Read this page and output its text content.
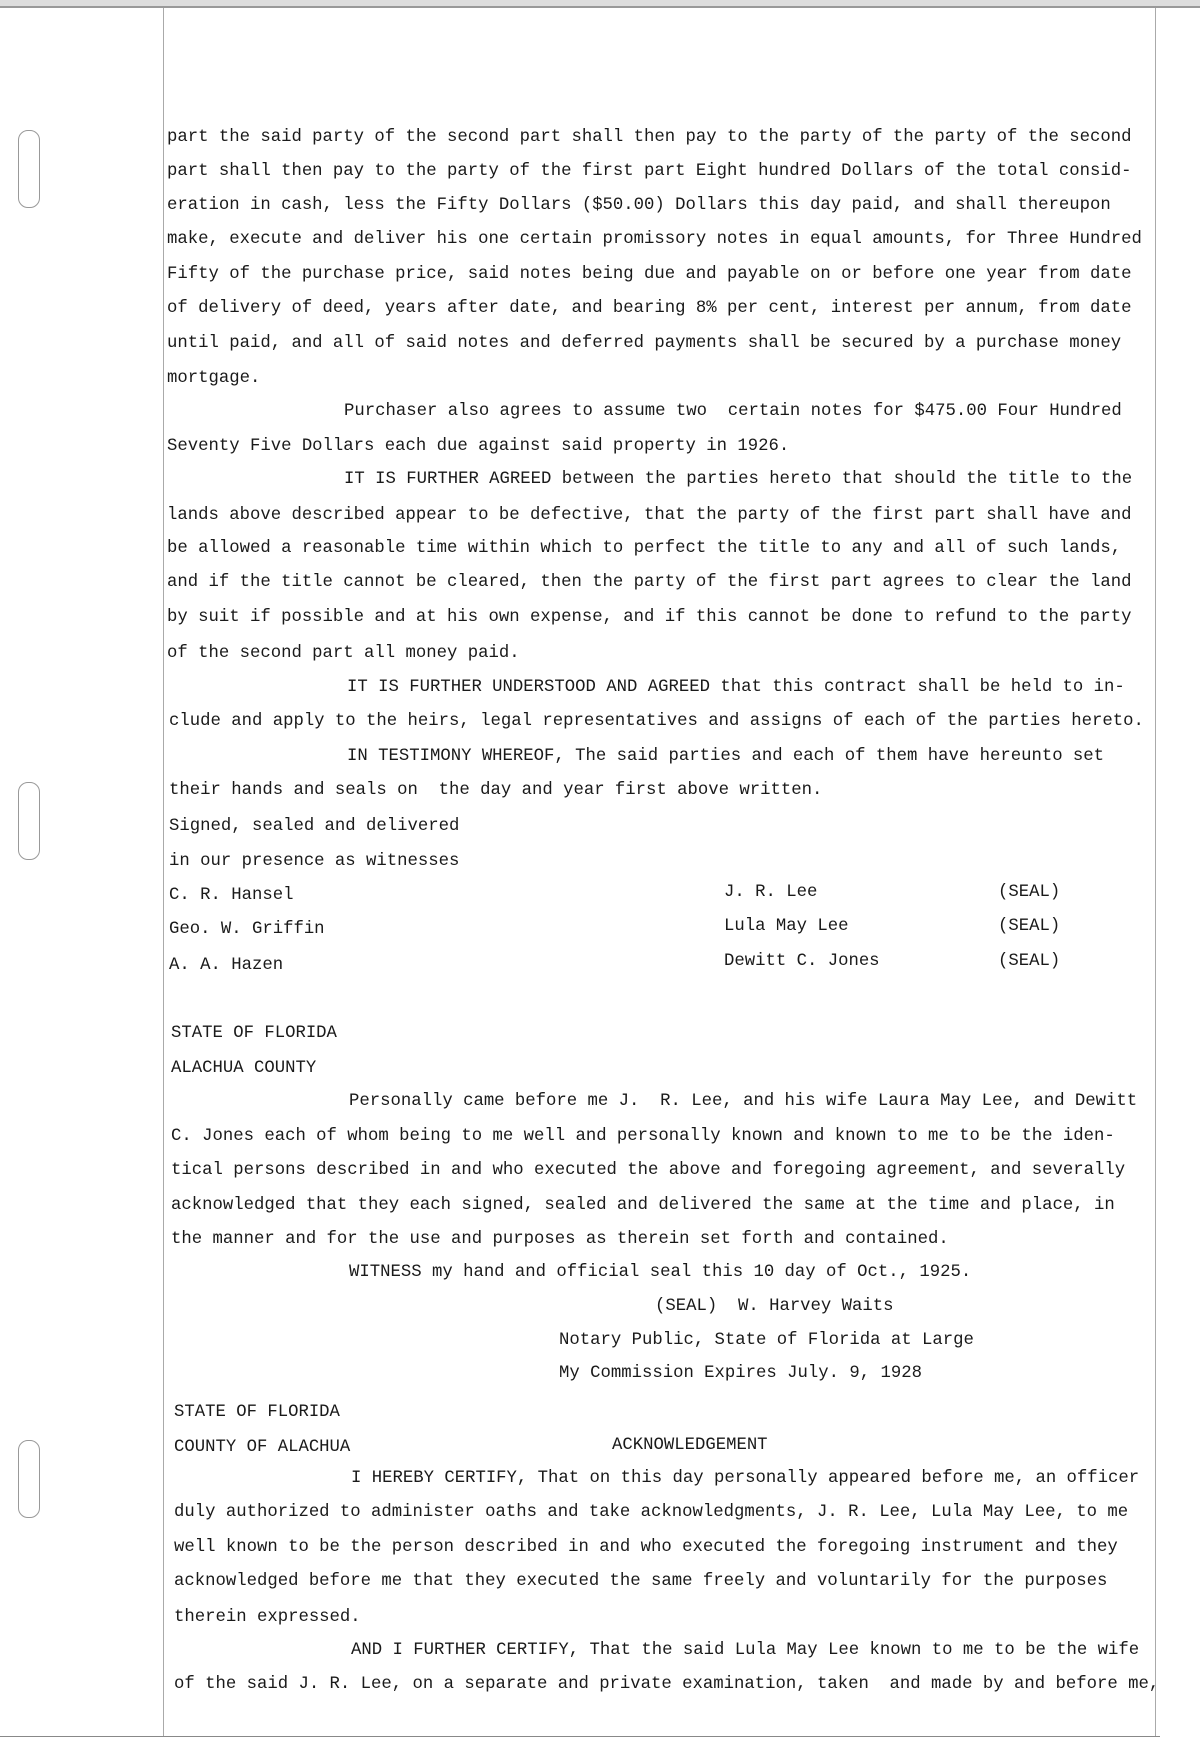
part the said party of the second part shall then pay to the party of the party of the second
part shall then pay to the party of the first part Eight hundred Dollars of the total consid-
eration in cash, less the Fifty Dollars ($50.00) Dollars this day paid, and shall thereupon
make, execute and deliver his one certain promissory notes in equal amounts, for Three Hundred
Fifty of the purchase price, said notes being due and payable on or before one year from date
of delivery of deed, years after date, and bearing 8% per cent, interest per annum, from date
until paid, and all of said notes and deferred payments shall be secured by a purchase money
mortgage.
Purchaser also agrees to assume two  certain notes for $475.00 Four Hundred
Seventy Five Dollars each due against said property in 1926.
IT IS FURTHER AGREED between the parties hereto that should the title to the
lands above described appear to be defective, that the party of the first part shall have and
be allowed a reasonable time within which to perfect the title to any and all of such lands,
and if the title cannot be cleared, then the party of the first part agrees to clear the land
by suit if possible and at his own expense, and if this cannot be done to refund to the party
of the second part all money paid.
IT IS FURTHER UNDERSTOOD AND AGREED that this contract shall be held to in-
clude and apply to the heirs, legal representatives and assigns of each of the parties hereto.
IN TESTIMONY WHEREOF, The said parties and each of them have hereunto set
their hands and seals on  the day and year first above written.
Signed, sealed and delivered
in our presence as witnesses
C. R. Hansel
Geo. W. Griffin
A. A. Hazen
J. R. Lee
Lula May Lee
Dewitt C. Jones
(SEAL)
(SEAL)
(SEAL)
STATE OF FLORIDA
ALACHUA COUNTY
Personally came before me J.  R. Lee, and his wife Laura May Lee, and Dewitt
C. Jones each of whom being to me well and personally known and known to me to be the iden-
tical persons described in and who executed the above and foregoing agreement, and severally
acknowledged that they each signed, sealed and delivered the same at the time and place, in
the manner and for the use and purposes as therein set forth and contained.
WITNESS my hand and official seal this 10 day of Oct., 1925.
(SEAL)  W. Harvey Waits
Notary Public, State of Florida at Large
My Commission Expires July. 9, 1928
STATE OF FLORIDA
COUNTY OF ALACHUA	ACKNOWLEDGEMENT
I HEREBY CERTIFY, That on this day personally appeared before me, an officer
duly authorized to administer oaths and take acknowledgments, J. R. Lee, Lula May Lee, to me
well known to be the person described in and who executed the foregoing instrument and they
acknowledged before me that they executed the same freely and voluntarily for the purposes
therein expressed.
AND I FURTHER CERTIFY, That the said Lula May Lee known to me to be the wife
of the said J. R. Lee, on a separate and private examination, taken  and made by and before me,
